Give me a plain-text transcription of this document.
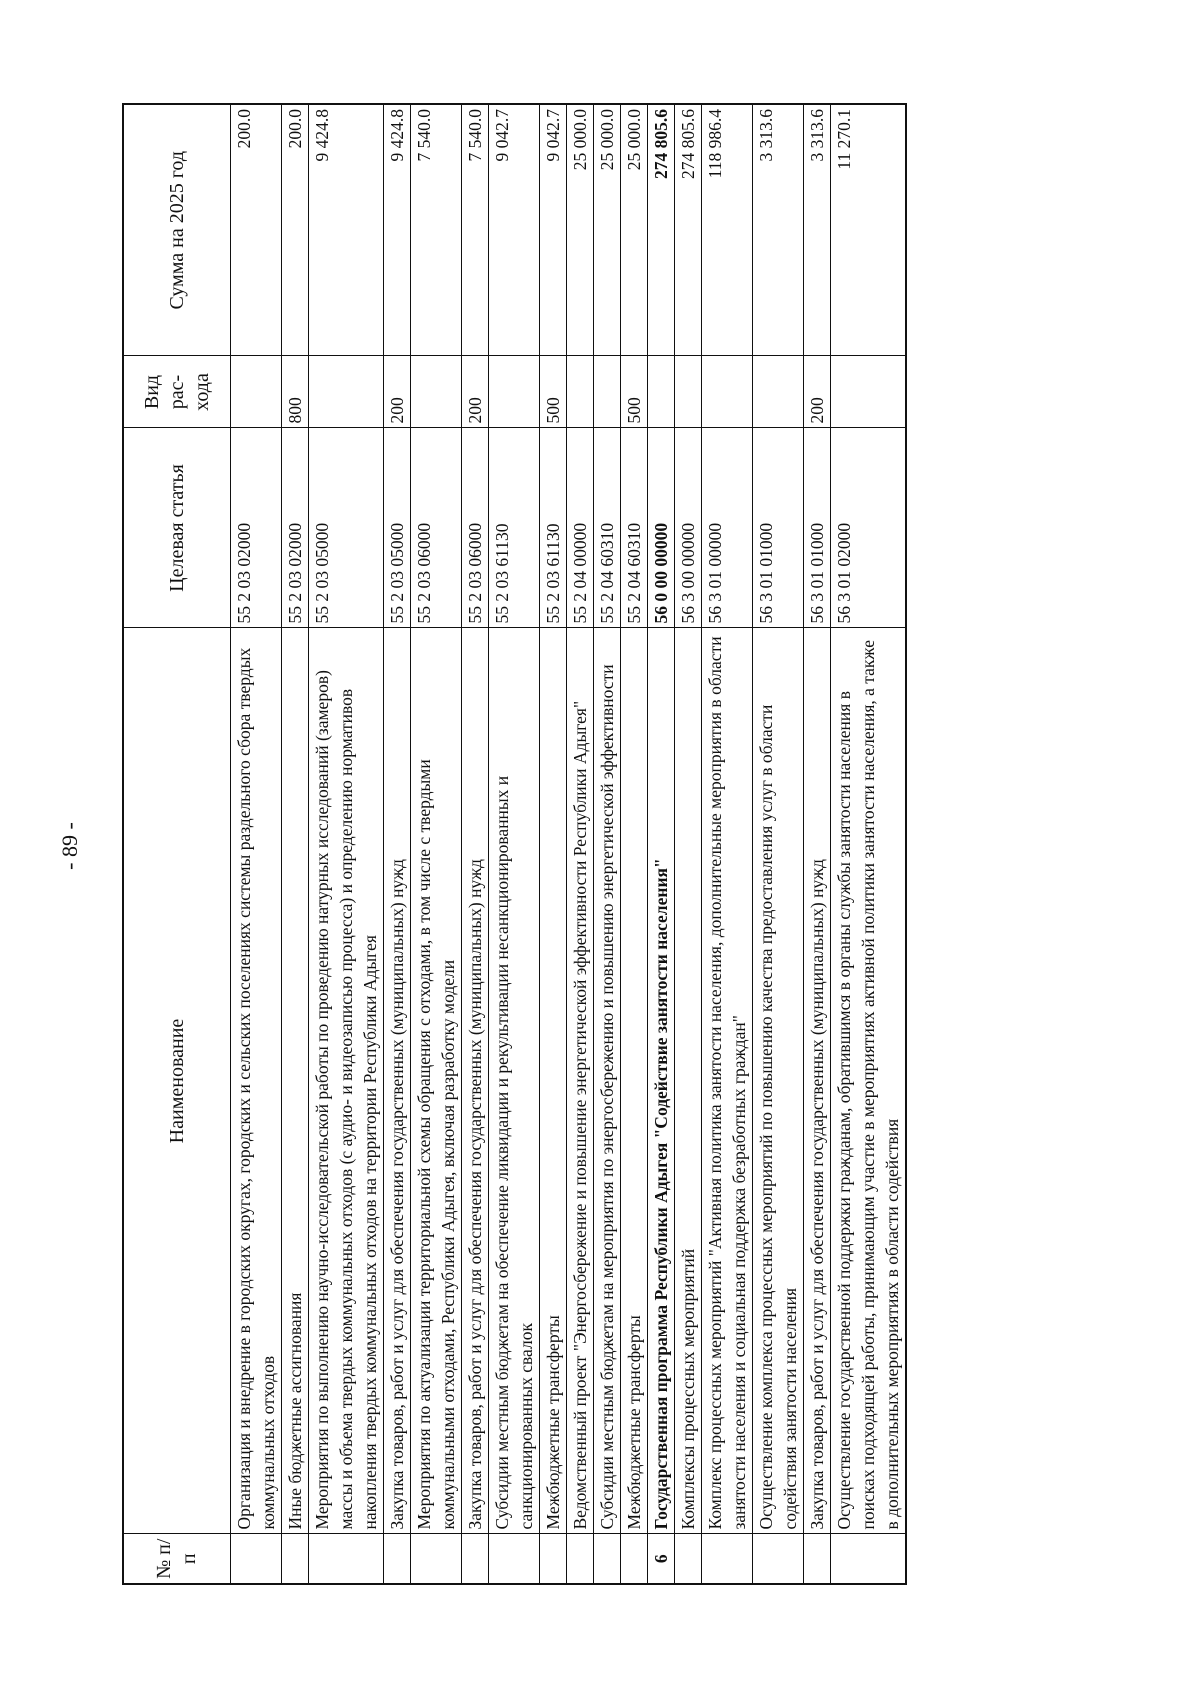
- 89 -
№ п/п	Наименование	Целевая статья	Вид рас- хода	Сумма на 2025 год
	Организация и внедрение в городских округах, городских и сельских поселениях системы раздельного сбора твердых коммунальных отходов	55 2 03 02000		200.0
	Иные бюджетные ассигнования	55 2 03 02000	800	200.0
	Мероприятия по выполнению научно-исследовательской работы по проведению натурных исследований (замеров) массы и объема твердых коммунальных отходов (с аудио- и видеозаписью процесса) и определению нормативов накопления твердых коммунальных отходов на территории Республики Адыгея	55 2 03 05000		9 424.8
	Закупка товаров, работ и услуг для обеспечения государственных (муниципальных) нужд	55 2 03 05000	200	9 424.8
	Мероприятия по актуализации территориальной схемы обращения с отходами, в том числе с твердыми коммунальными отходами, Республики Адыгея, включая разработку модели	55 2 03 06000		7 540.0
	Закупка товаров, работ и услуг для обеспечения государственных (муниципальных) нужд	55 2 03 06000	200	7 540.0
	Субсидии местным бюджетам на обеспечение ликвидации и рекультивации несанкционированных и санкционированных свалок	55 2 03 61130		9 042.7
	Межбюджетные трансферты	55 2 03 61130	500	9 042.7
	Ведомственный проект "Энергосбережение и повышение энергетической эффективности Республики Адыгея"	55 2 04 00000		25 000.0
	Субсидии местным бюджетам на мероприятия по энергосбережению и повышению энергетической эффективности	55 2 04 60310		25 000.0
	Межбюджетные трансферты	55 2 04 60310	500	25 000.0
6	Государственная программа Республики Адыгея "Содействие занятости населения"	56 0 00 00000		274 805.6
	Комплексы процессных мероприятий	56 3 00 00000		274 805.6
	Комплекс процессных мероприятий "Активная политика занятости населения, дополнительные мероприятия в области занятости населения и социальная поддержка безработных граждан"	56 3 01 00000		118 986.4
	Осуществление комплекса процессных мероприятий по повышению качества предоставления услуг в области содействия занятости населения	56 3 01 01000		3 313.6
	Закупка товаров, работ и услуг для обеспечения государственных (муниципальных) нужд	56 3 01 01000	200	3 313.6
	Осуществление государственной поддержки гражданам, обратившимся в органы службы занятости населения в поисках подходящей работы, принимающим участие в мероприятиях активной политики занятости населения, а также в дополнительных мероприятиях в области содействия	56 3 01 02000		11 270.1
